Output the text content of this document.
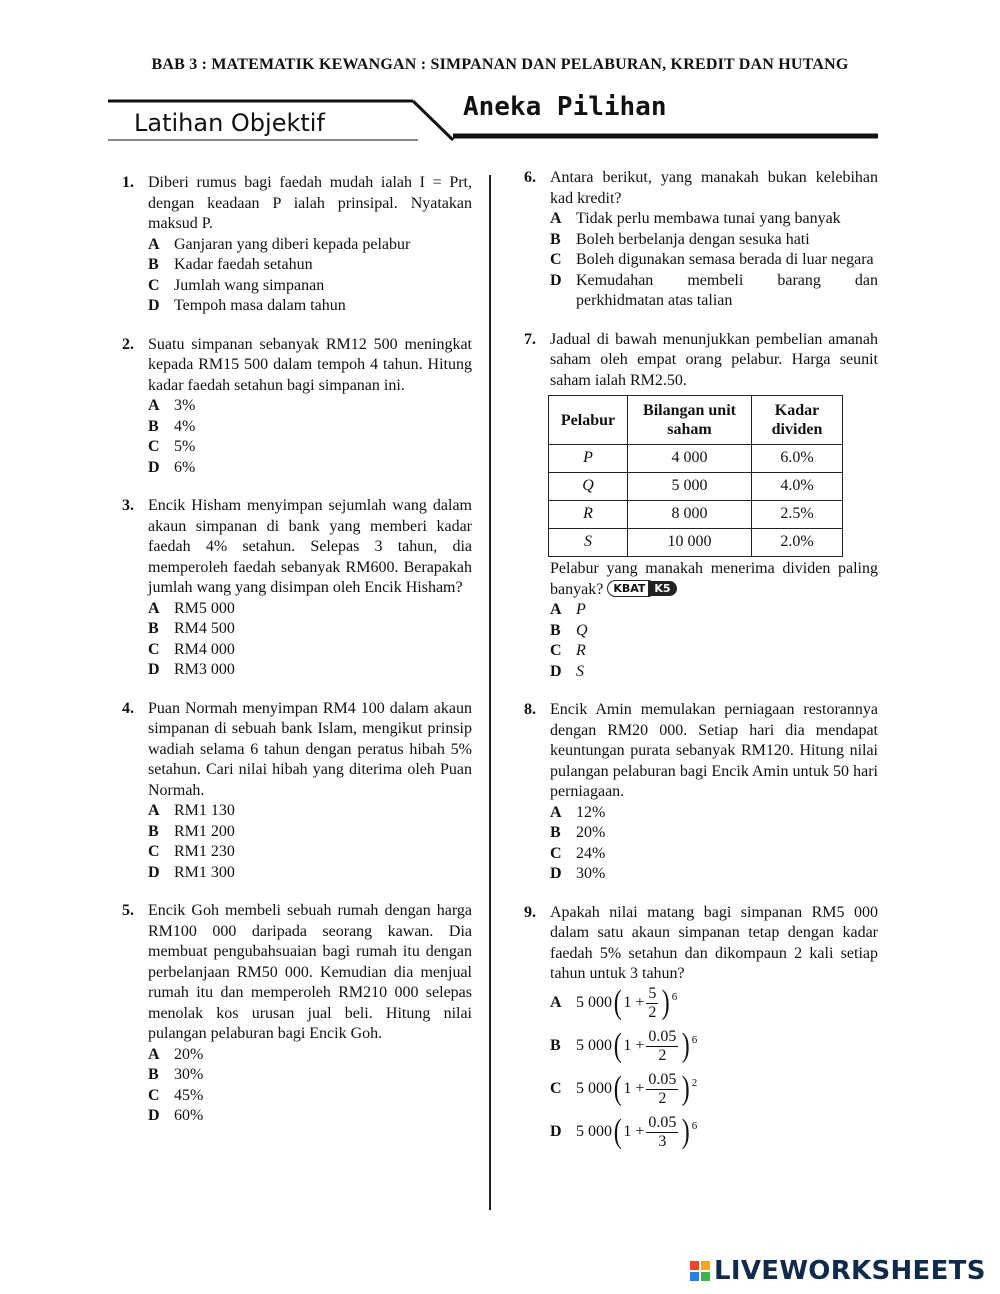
BAB 3 : MATEMATIK KEWANGAN : SIMPANAN DAN PELABURAN, KREDIT DAN HUTANG
Latihan Objektif
Aneka Pilihan
1. Diberi rumus bagi faedah mudah ialah I = Prt, dengan keadaan P ialah prinsipal. Nyatakan maksud P.
A Ganjaran yang diberi kepada pelabur
B Kadar faedah setahun
C Jumlah wang simpanan
D Tempoh masa dalam tahun
2. Suatu simpanan sebanyak RM12 500 meningkat kepada RM15 500 dalam tempoh 4 tahun. Hitung kadar faedah setahun bagi simpanan ini.
A 3%
B 4%
C 5%
D 6%
3. Encik Hisham menyimpan sejumlah wang dalam akaun simpanan di bank yang memberi kadar faedah 4% setahun. Selepas 3 tahun, dia memperoleh faedah sebanyak RM600. Berapakah jumlah wang yang disimpan oleh Encik Hisham?
A RM5 000
B RM4 500
C RM4 000
D RM3 000
4. Puan Normah menyimpan RM4 100 dalam akaun simpanan di sebuah bank Islam, mengikut prinsip wadiah selama 6 tahun dengan peratus hibah 5% setahun. Cari nilai hibah yang diterima oleh Puan Normah.
A RM1 130
B RM1 200
C RM1 230
D RM1 300
5. Encik Goh membeli sebuah rumah dengan harga RM100 000 daripada seorang kawan. Dia membuat pengubahsuaian bagi rumah itu dengan perbelanjaan RM50 000. Kemudian dia menjual rumah itu dan memperoleh RM210 000 selepas menolak kos urusan jual beli. Hitung nilai pulangan pelaburan bagi Encik Goh.
A 20%
B 30%
C 45%
D 60%
6. Antara berikut, yang manakah bukan kelebihan kad kredit?
A Tidak perlu membawa tunai yang banyak
B Boleh berbelanja dengan sesuka hati
C Boleh digunakan semasa berada di luar negara
D Kemudahan membeli barang dan perkhidmatan atas talian
7. Jadual di bawah menunjukkan pembelian amanah saham oleh empat orang pelabur. Harga seunit saham ialah RM2.50.
Pelabur	Bilangan unit saham	Kadar dividen
P	4 000	6.0%
Q	5 000	4.0%
R	8 000	2.5%
S	10 000	2.0%
Pelabur yang manakah menerima dividen paling banyak? KBAT K5
A P
B Q
C R
D S
8. Encik Amin memulakan perniagaan restorannya dengan RM20 000. Setiap hari dia mendapat keuntungan purata sebanyak RM120. Hitung nilai pulangan pelaburan bagi Encik Amin untuk 50 hari perniagaan.
A 12%
B 20%
C 24%
D 30%
9. Apakah nilai matang bagi simpanan RM5 000 dalam satu akaun simpanan tetap dengan kadar faedah 5% setahun dan dikompaun 2 kali setiap tahun untuk 3 tahun?
A 5 000 ( $1 + \frac{5}{2}$ ) 6
B 5 000 ( $1 + \frac{0.05}{2}$ ) 6
C 5 000 ( $1 + \frac{0.05}{2}$ ) 2
D 5 000 ( $1 + \frac{0.05}{3}$ ) 6
LIVEWORKSHEETS
